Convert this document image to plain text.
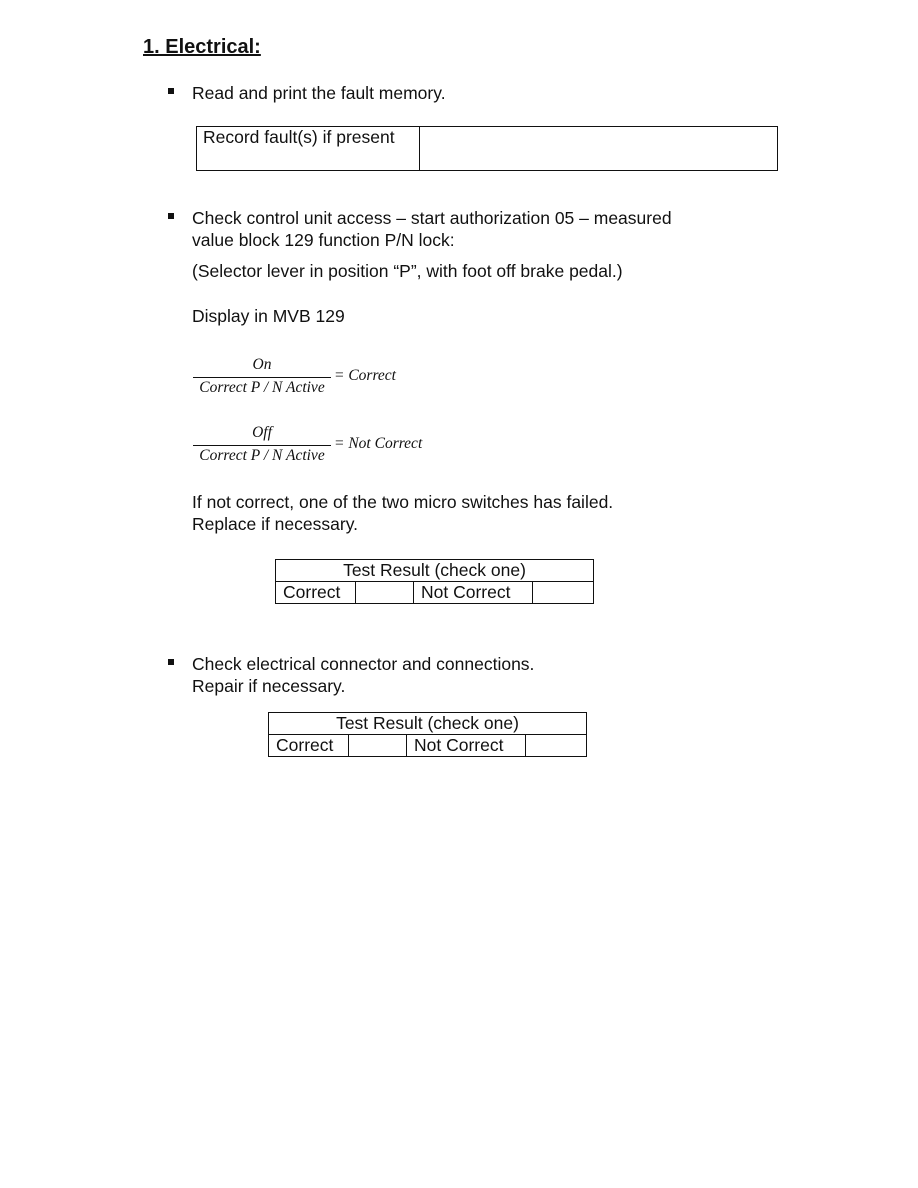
1. Electrical:
Read and print the fault memory.
Record fault(s) if present	
Check control unit access – start authorization 05 – measured
value block 129 function P/N lock:
(Selector lever in position “P”, with foot off brake pedal.)
Display in MVB 129
On
Correct P / N Active
= Correct
Off
Correct P / N Active
= Not Correct
If not correct, one of the two micro switches has failed.
Replace if necessary.
Test Result (check one)
Correct		Not Correct	
Check electrical connector and connections.
Repair if necessary.
Test Result (check one)
Correct		Not Correct	
